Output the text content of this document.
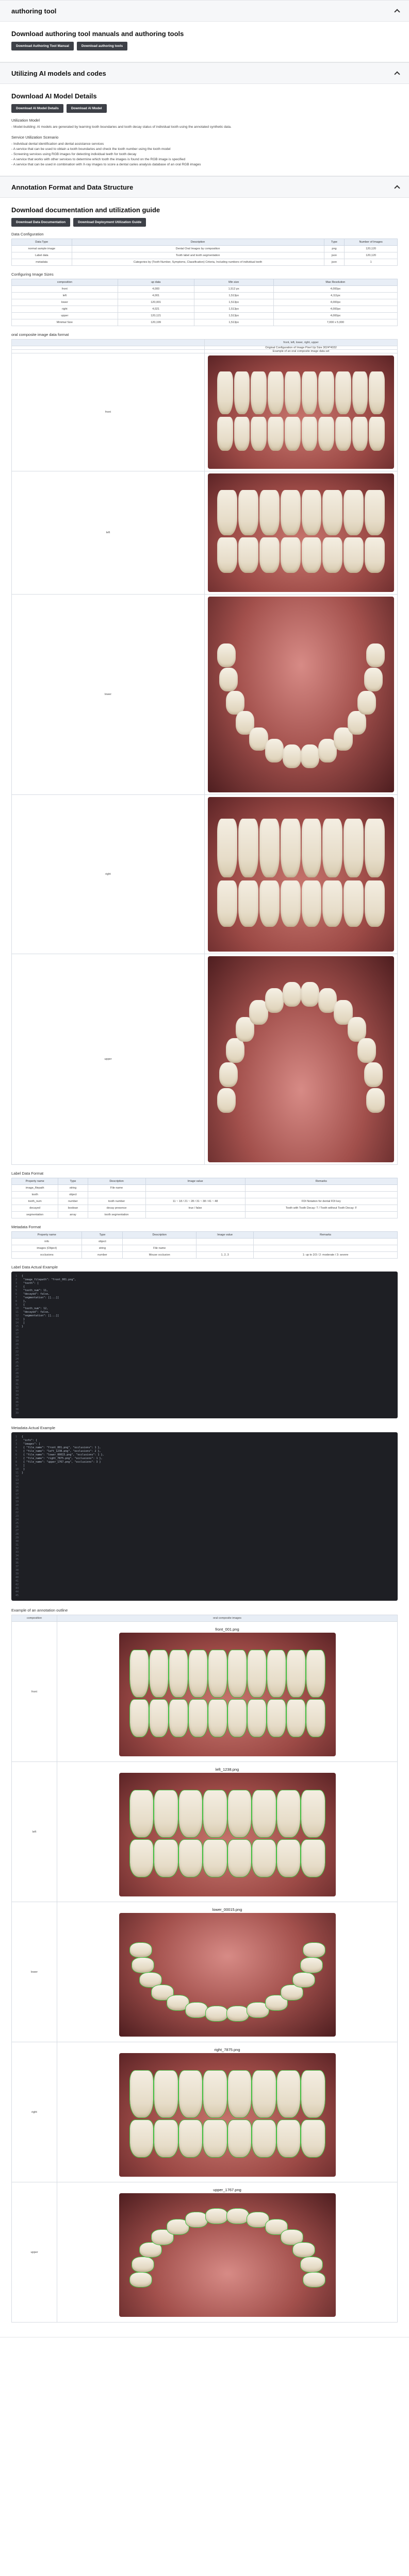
authoring tool
Download authoring tool manuals and authoring tools
Download Authoring Tool Manual	Download authoring tools
Utilizing AI models and codes
Download AI Model Details
Download AI Model Details	Download AI Model
Utilization Model
- Model-building: AI models are generated by learning tooth boundaries and tooth decay status of individual tooth using the annotated synthetic data.
Service Utilization Scenario
- Individual dental identification and dental assistance services
- A service that can be used to obtain a tooth boundaries and check the tooth number using the tooth model
- Screening services using RGB images for detecting individual teeth for tooth decay
- A service that works with other services to determine which tooth the images is found on the RGB image is specified
- A service that can be used in combination with X-ray images to score a dental caries analysis database of an oral RGB images
Annotation Format and Data Structure
Download documentation and utilization guide
Download Data Documentation	Download Deployment Utilization Guide
Data Configuration
Data Type	Description	Type	Number of Images
normal sample image	Dental Oral Images by composition	png	120,120
Label data	Tooth label and tooth segmentation	json	120,120
metadata	Categories by (Tooth Number, Symptoms, Classification) Criteria, Including numbers of individual teeth	json	1
Configuring Image Sizes
composition	up data	Min size	Max Resolution
front	4,000	1,512 px	4,000px
left	4,001	1,513px	4,111px
lower	120,001	1,513px	4,000px
right	4,021	1,513px	4,000px
upper	120,121	1,513px	4,000px
Minimal Size	120,199	1,513px	7,000 x 5,000
oral composite image data format
	front, left, lower, right, upper
	Original Configuration of Image Pixel Up Size 3024*4032
	Example of an oral composite image data set
front	

left	

lower	

right	

upper	
Label Data Format
Property name	Type	Description	Image value	Remarks
image_filepath	string	File name		
tooth	object			
tooth_num	number	tooth number	11 ~ 18 / 21 ~ 28 / 31 ~ 38 / 41 ~ 48	FDI Notation for dental FDI key
decayed	boolean	decay presence	true / false	Tooth with Tooth Decay: T / Tooth without Tooth Decay: F
segmentation	array	tooth segmentation		
Metadata Format
Property name	Type	Description	Image value	Remarks
info	object			
images (Object)	string	File name		
occlusions	number	Mouse occlusion	1, 2, 3	1: up to 2/3 / 2: moderate / 3: severe
Label Data Actual Example
1 {
2 "image_filepath": "front_001.png",
3 "tooth": [
4 {
5 "tooth_num": 11,
6 "decayed": false,
7 "segmentation": [[...]]
8 },
9 {
10 "tooth_num": 12,
11 "decayed": false,
12 "segmentation": [[...]]
13 }
14 ]
15 }
16
17
18
19
20
21
22
23
24
25
26
27
28
29
30
31
32
33
34
35
36
37
38
39
Metadata Actual Example
1 {
2 "info": {
3 "images": [
4 { "file_name": "front_001.png", "occlusions": 1 },
5 { "file_name": "left_1238.png", "occlusions": 2 },
6 { "file_name": "lower_00015.png", "occlusions": 1 },
7 { "file_name": "right_7875.png", "occlusions": 1 },
8 { "file_name": "upper_1767.png", "occlusions": 3 }
9 ]
10 }
11 }
12
13
14
15
16
17
18
19
20
21
22
23
24
25
26
27
28
29
30
31
32
33
34
35
36
37
38
39
40
41
42
43
44
45
Example of an annotation outline
composition	oral composite images
front	front_001.png

left	left_1238.png

lower	lower_00015.png

right	right_7875.png

upper	upper_1767.png
